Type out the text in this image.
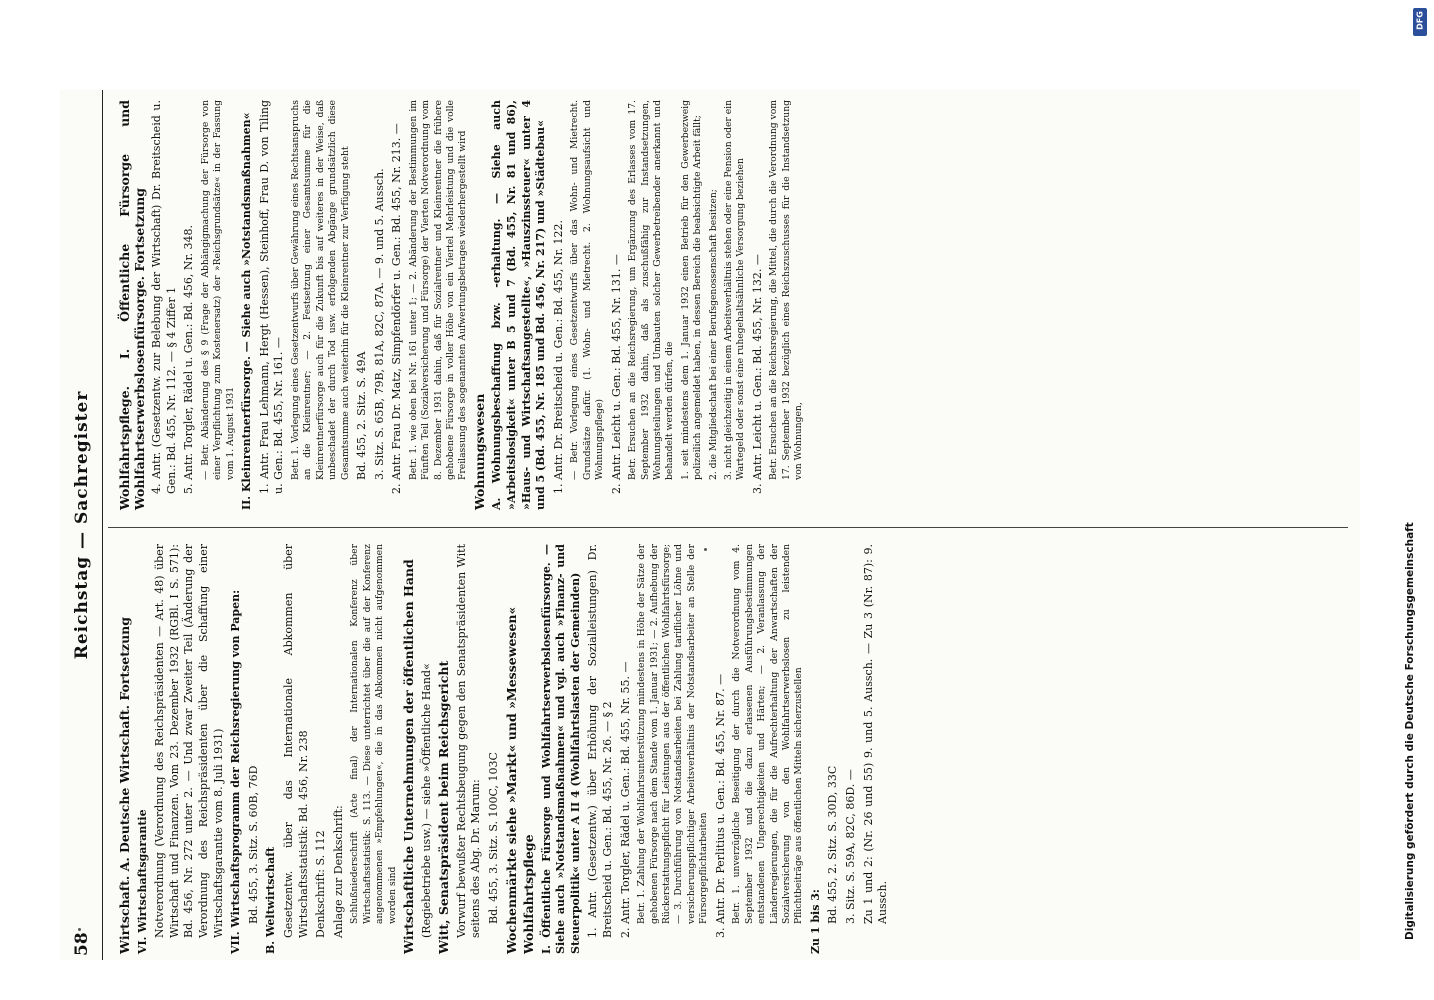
58
Reichstag — Sachregister
Wirtschaft. A. Deutsche Wirtschaft. Fortsetzung VI. Wirtschaftsgarantie Notverordnung (Verordnung des Reichspräsidenten — Art. 48) über Wirtschaft und Finanzen. Vom 23. Dezember 1932 (RGBl. I S. 571): Bd. 456, Nr. 272 unter 2. — Und zwar Zweiter Teil (Änderung der Verordnung des Reichspräsidenten über die Schaffung einer Wirtschaftsgarantie vom 8. Juli 1931) VII. Wirtschaftsprogramm der Reichsregierung von Papen: Bd. 455, 3. Sitz. S. 60B, 76D B. Weltwirtschaft Gesetzentw. über das Internationale Abkommen über Wirtschaftsstatistik: Bd. 456, Nr. 238 Denkschrift: S. 112 Anlage zur Denkschrift: Schlußniederschrift (Acte final) der Internationalen Konferenz über Wirtschaftsstatistik: S. 113. — Diese unterrichtet über die auf der Konferenz angenommenen »Empfehlungen«, die in das Abkommen nicht aufgenommen worden sind Wirtschaftliche Unternehmungen der öffentlichen Hand (Regiebetriebe usw.) — siehe »Öffentliche Hand« Witt, Senatspräsident beim Reichsgericht Vorwurf bewußter Rechtsbeugung gegen den Senatspräsidenten Witt seitens des Abg. Dr. Marum: Bd. 455, 3. Sitz. S. 100C, 103C Wochenmärkte siehe »Markt« und »Messewesen« Wohlfahrtspflege I. Öffentliche Fürsorge und Wohlfahrtserwerbslosenfürsorge. — Siehe auch »Notstandsmaßnahmen« und vgl. auch »Finanz- und Steuerpolitik« unter A II 4 (Wohlfahrtslasten der Gemeinden) 1. Antr. (Gesetzentw.) über Erhöhung der Sozialleistungen) Dr. Breitscheid u. Gen.: Bd. 455, Nr. 26. — § 2 2. Antr. Torgler, Rädel u. Gen.: Bd. 455, Nr. 55. — Betr. 1. Zahlung der Wohlfahrtsunterstützung mindestens in Höhe der Sätze der gehobenen Fürsorge nach dem Stande vom 1. Januar 1931; — 2. Aufhebung der Rückerstattungspflicht für Leistungen aus der öffentlichen Wohlfahrtsfürsorge; — 3. Durchführung von Notstandsarbeiten bei Zahlung tariflicher Löhne und versicherungspflichtiger Arbeitsverhältnis der Notstandsarbeiter an Stelle der Fürsorgepflichtarbeiten 3. Antr. Dr. Perlitius u. Gen.: Bd. 455, Nr. 87. — Betr. 1. unverzügliche Beseitigung der durch die Notverordnung vom 4. September 1932 und die dazu erlassenen Ausführungsbestimmungen entstandenen Ungerechtigkeiten und Härten; — 2. Veranlassung der Länderregierungen, die für die Aufrechterhaltung der Anwartschaften der Sozialversicherung von den Wohlfahrtserwerbslosen zu leistenden Pflichtbeiträge aus öffentlichen Mitteln sicherzustellen Zu 1 bis 3: Bd. 455, 2. Sitz. S. 30D, 33C 3. Sitz. S. 59A, 82C, 86D. — Zu 1 und 2: (Nr. 26 und 55) 9. und 5. Aussch. — Zu 3 (Nr. 87): 9. Aussch.
Wohlfahrtspflege. I. Öffentliche Fürsorge und Wohlfahrtserwerbslosenfürsorge. Fortsetzung 4. Antr. (Gesetzentw. zur Belebung der Wirtschaft) Dr. Breitscheid u. Gen.: Bd. 455, Nr. 112. — § 4 Ziffer 1 5. Antr. Torgler, Rädel u. Gen.: Bd. 456, Nr. 348. — Betr. Abänderung des § 9 (Frage der Abhängigmachung der Fürsorge von einer Verpflichtung zum Kostenersatz) der »Reichsgrundsätze« in der Fassung vom 1. August 1931 II. Kleinrentnerfürsorge. — Siehe auch »Notstandsmaßnahmen« 1. Antr. Frau Lehmann, Hergt (Hessen), Steinhoff, Frau D. von Tiling u. Gen.: Bd. 455, Nr. 161. — Betr. 1. Vorlegung eines Gesetzentwurfs über Gewährung eines Rechtsanspruchs an die Kleinrentner; — 2. Festsetzung einer Gesamtsumme für die Kleinrentnerfürsorge auch für die Zukunft bis auf weiteres in der Weise, daß unbeschadet der durch Tod usw. erfolgenden Abgänge grundsätzlich diese Gesamtsumme auch weiterhin für die Kleinrentner zur Verfügung steht Bd. 455, 2. Sitz. S. 49A 3. Sitz. S. 65B, 79B, 81A, 82C, 87A. — 9. und 5. Aussch. 2. Antr. Frau Dr. Matz, Simpfendörfer u. Gen.: Bd. 455, Nr. 213. — Betr. 1. wie oben bei Nr. 161 unter 1; — 2. Abänderung der Bestimmungen im Fünften Teil (Sozialversicherung und Fürsorge) der Vierten Notverordnung vom 8. Dezember 1931 dahin, daß für Sozialrentner und Kleinrentner die frühere gehobene Fürsorge in voller Höhe von ein Viertel Mehrleistung und die volle Freilassung des sogenannten Aufwertungsbetrages wiederhergestellt wird Wohnungswesen A. Wohnungsbeschaffung bzw. -erhaltung. — Siehe auch »Arbeitslosigkeit« unter B 5 und 7 (Bd. 455, Nr. 81 und 86), »Haus- und Wirtschaftsangestellte«, »Hauszinssteuer« unter 4 und 5 (Bd. 455, Nr. 185 und Bd. 456, Nr. 217) und »Städtebau« 1. Antr. Dr. Breitscheid u. Gen.: Bd. 455, Nr. 122. — Betr. Vorlegung eines Gesetzentwurfs über das Wohn- und Mietrecht. Grundsätze dafür. (1. Wohn- und Mietrecht. 2. Wohnungsaufsicht und Wohnungspflege) 2. Antr. Leicht u. Gen.: Bd. 455, Nr. 131. — Betr. Ersuchen an die Reichsregierung, um Ergänzung des Erlasses vom 17. September 1932 dahin, daß als zuschußfähig zur Instandsetzungen, Wohnungsteilungen und Umbauten solcher Gewerbetreibender anerkannt und behandelt werden dürfen, die 1. seit mindestens dem 1. Januar 1932 einen Betrieb für den Gewerbezweig polizeilich angemeldet haben, in dessen Bereich die beabsichtigte Arbeit fällt; 2. die Mitgliedschaft bei einer Berufsgenossenschaft besitzen; 3. nicht gleichzeitig in einem Arbeitsverhältnis stehen oder eine Pension oder ein Wartegeld oder sonst eine ruhegehaltsähnliche Versorgung beziehen 3. Antr. Leicht u. Gen.: Bd. 455, Nr. 132. — Betr. Ersuchen an die Reichsregierung, die Mittel, die durch die Verordnung vom 17. September 1932 bezüglich eines Reichszuschusses für die Instandsetzung von Wohnungen,
DFG
Digitalisierung gefördert durch die Deutsche Forschungsgemeinschaft
